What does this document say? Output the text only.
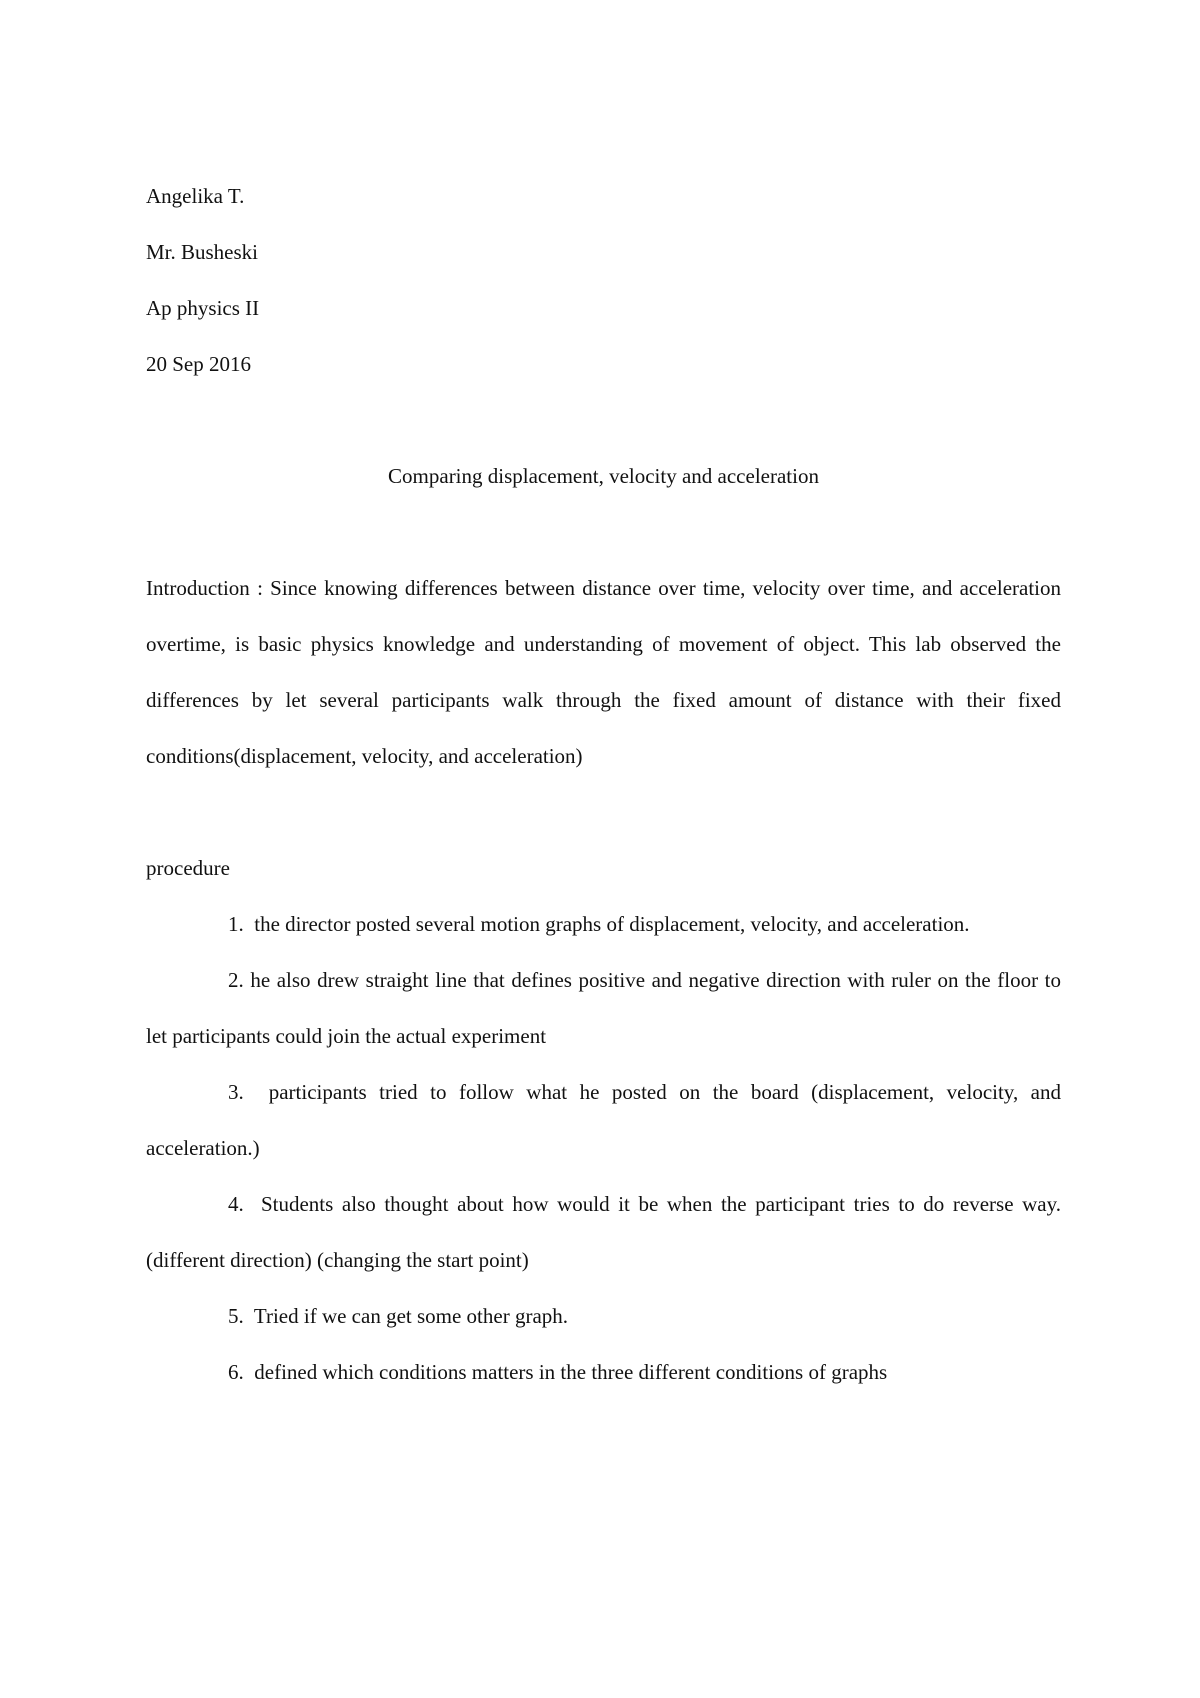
Angelika T.

Mr. Busheski

Ap physics II

20 Sep 2016

Comparing displacement, velocity and acceleration

Introduction : Since knowing differences between distance over time, velocity over time, and acceleration overtime, is basic physics knowledge and understanding of movement of object. This lab observed the differences by let several participants walk through the fixed amount of distance with their fixed conditions(displacement, velocity, and acceleration)

procedure

1. the director posted several motion graphs of displacement, velocity, and acceleration.

2. he also drew straight line that defines positive and negative direction with ruler on the floor to let participants could join the actual experiment

3. participants tried to follow what he posted on the board (displacement, velocity, and acceleration.)

4. Students also thought about how would it be when the participant tries to do reverse way. (different direction) (changing the start point)

5. Tried if we can get some other graph.

6. defined which conditions matters in the three different conditions of graphs
